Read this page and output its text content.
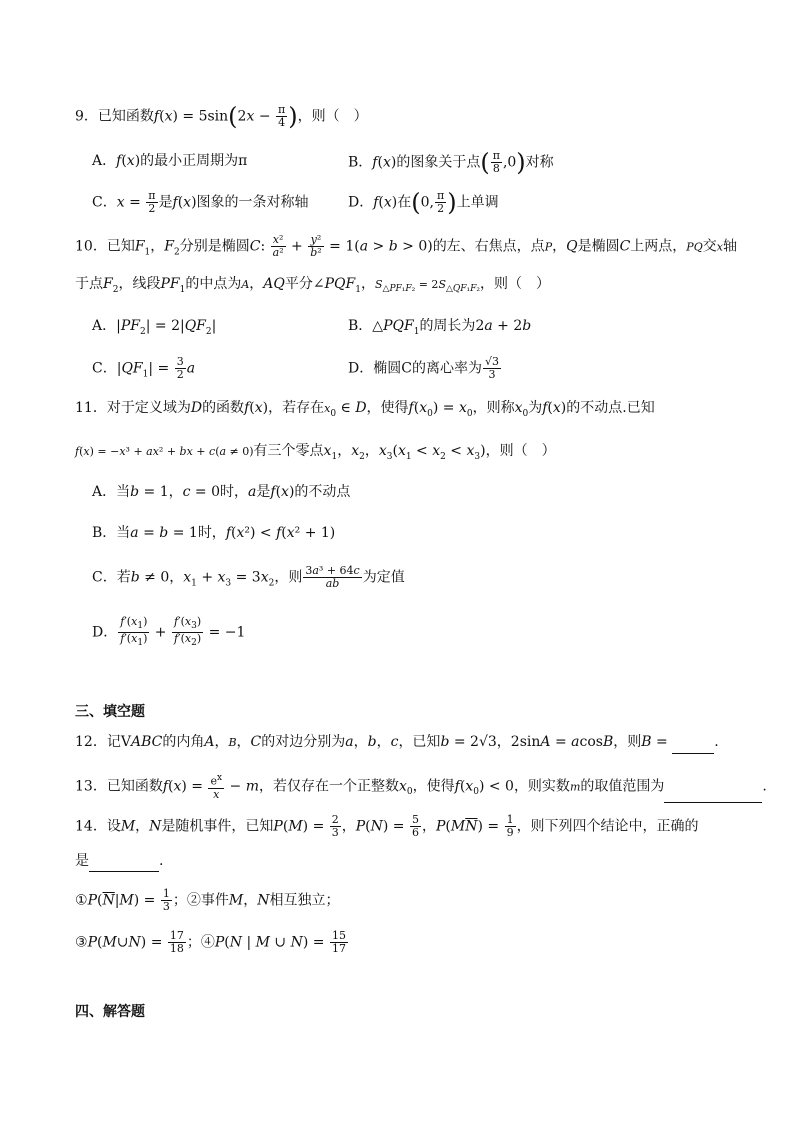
9．已知函数$f(x) = 5\sin(2x - \frac{\pi}{4}$ )，则（　）
A．f(x)的最小正周期为π	B．f(x)的图象关于点( $\frac{\pi}{8} ,0$)对称
C．$x = \frac{\pi}{2}$ 是f(x)图象的一条对称轴	D．f(x)在(0, $\frac{\pi}{2}$ )上单调
10．已知$F_1$，$F_2$分别是椭圆C: $\frac{\text{x²}}{\text{a²}} + \frac{\text{y²}}{\text{b²}} = 1(a > b > 0)$的左、右焦点，点P，Q是椭圆C上两点，PQ交x轴
于点$F_2$，线段$PF_1$的中点为A，AQ平分$\angle PQF_1$，$S_{\triangle PF_1F_2} = 2S_{\triangle QF_1F_2}$，则（　）
A．$|PF_2| = 2|QF_2|$	B．$\triangle PQF_1$的周长为2a + 2b
C．$|QF_1| = \frac{3}{2}$ a	D．椭圆C的离心率为 $\frac{√3}{3}$
11．对于定义域为D的函数f(x)，若存在$x_0$ ∈ D，使得$f(x_0) = x_0$，则称$x_0$为f(x)的不动点.已知
f(x) = −x³ + ax² + bx + c(a ≠ 0)有三个零点$x_1$，$x_2$，$x_3(x_1 < x_2 < x_3)$，则（　）
A．当b = 1，c = 0时，a是f(x)的不动点
B．当a = b = 1时，f(x²) < f(x² + 1)
C．若b ≠ 0，$x_1 + x_3 = 3x_2$，则 $\frac{\text{3a³ + 64c}}{ab}$ 为定值
D． $\frac{f'(x_1)}{f'(x_1)} + \frac{f'(x_3)}{f'(x_2)} = -1$
三、填空题
12．记VABC的内角A，B，C的对边分别为a，b，c，已知b = 2√3，2sinA = acosB，则B =	.
13．已知函数$f(x) = \frac{e^x}{x} - m$，若仅存在一个正整数$x_0$，使得$f(x_0) < 0$，则实数m的取值范围为	.
14．设M，N是随机事件，已知$P(M) = \frac{2}{3}$ ，$P(N) = \frac{5}{6}$ ，$P(M\overline{N}) = \frac{1}{9}$ ，则下列四个结论中，正确的
是	.
$①P(\overline{N}|M) = \frac{1}{3}$ ；②事件M，N相互独立；
③P(M∪N) = $\frac{17}{18}$ ；④P(N | M ∪ $N) = \frac{15}{17}$
四、解答题
